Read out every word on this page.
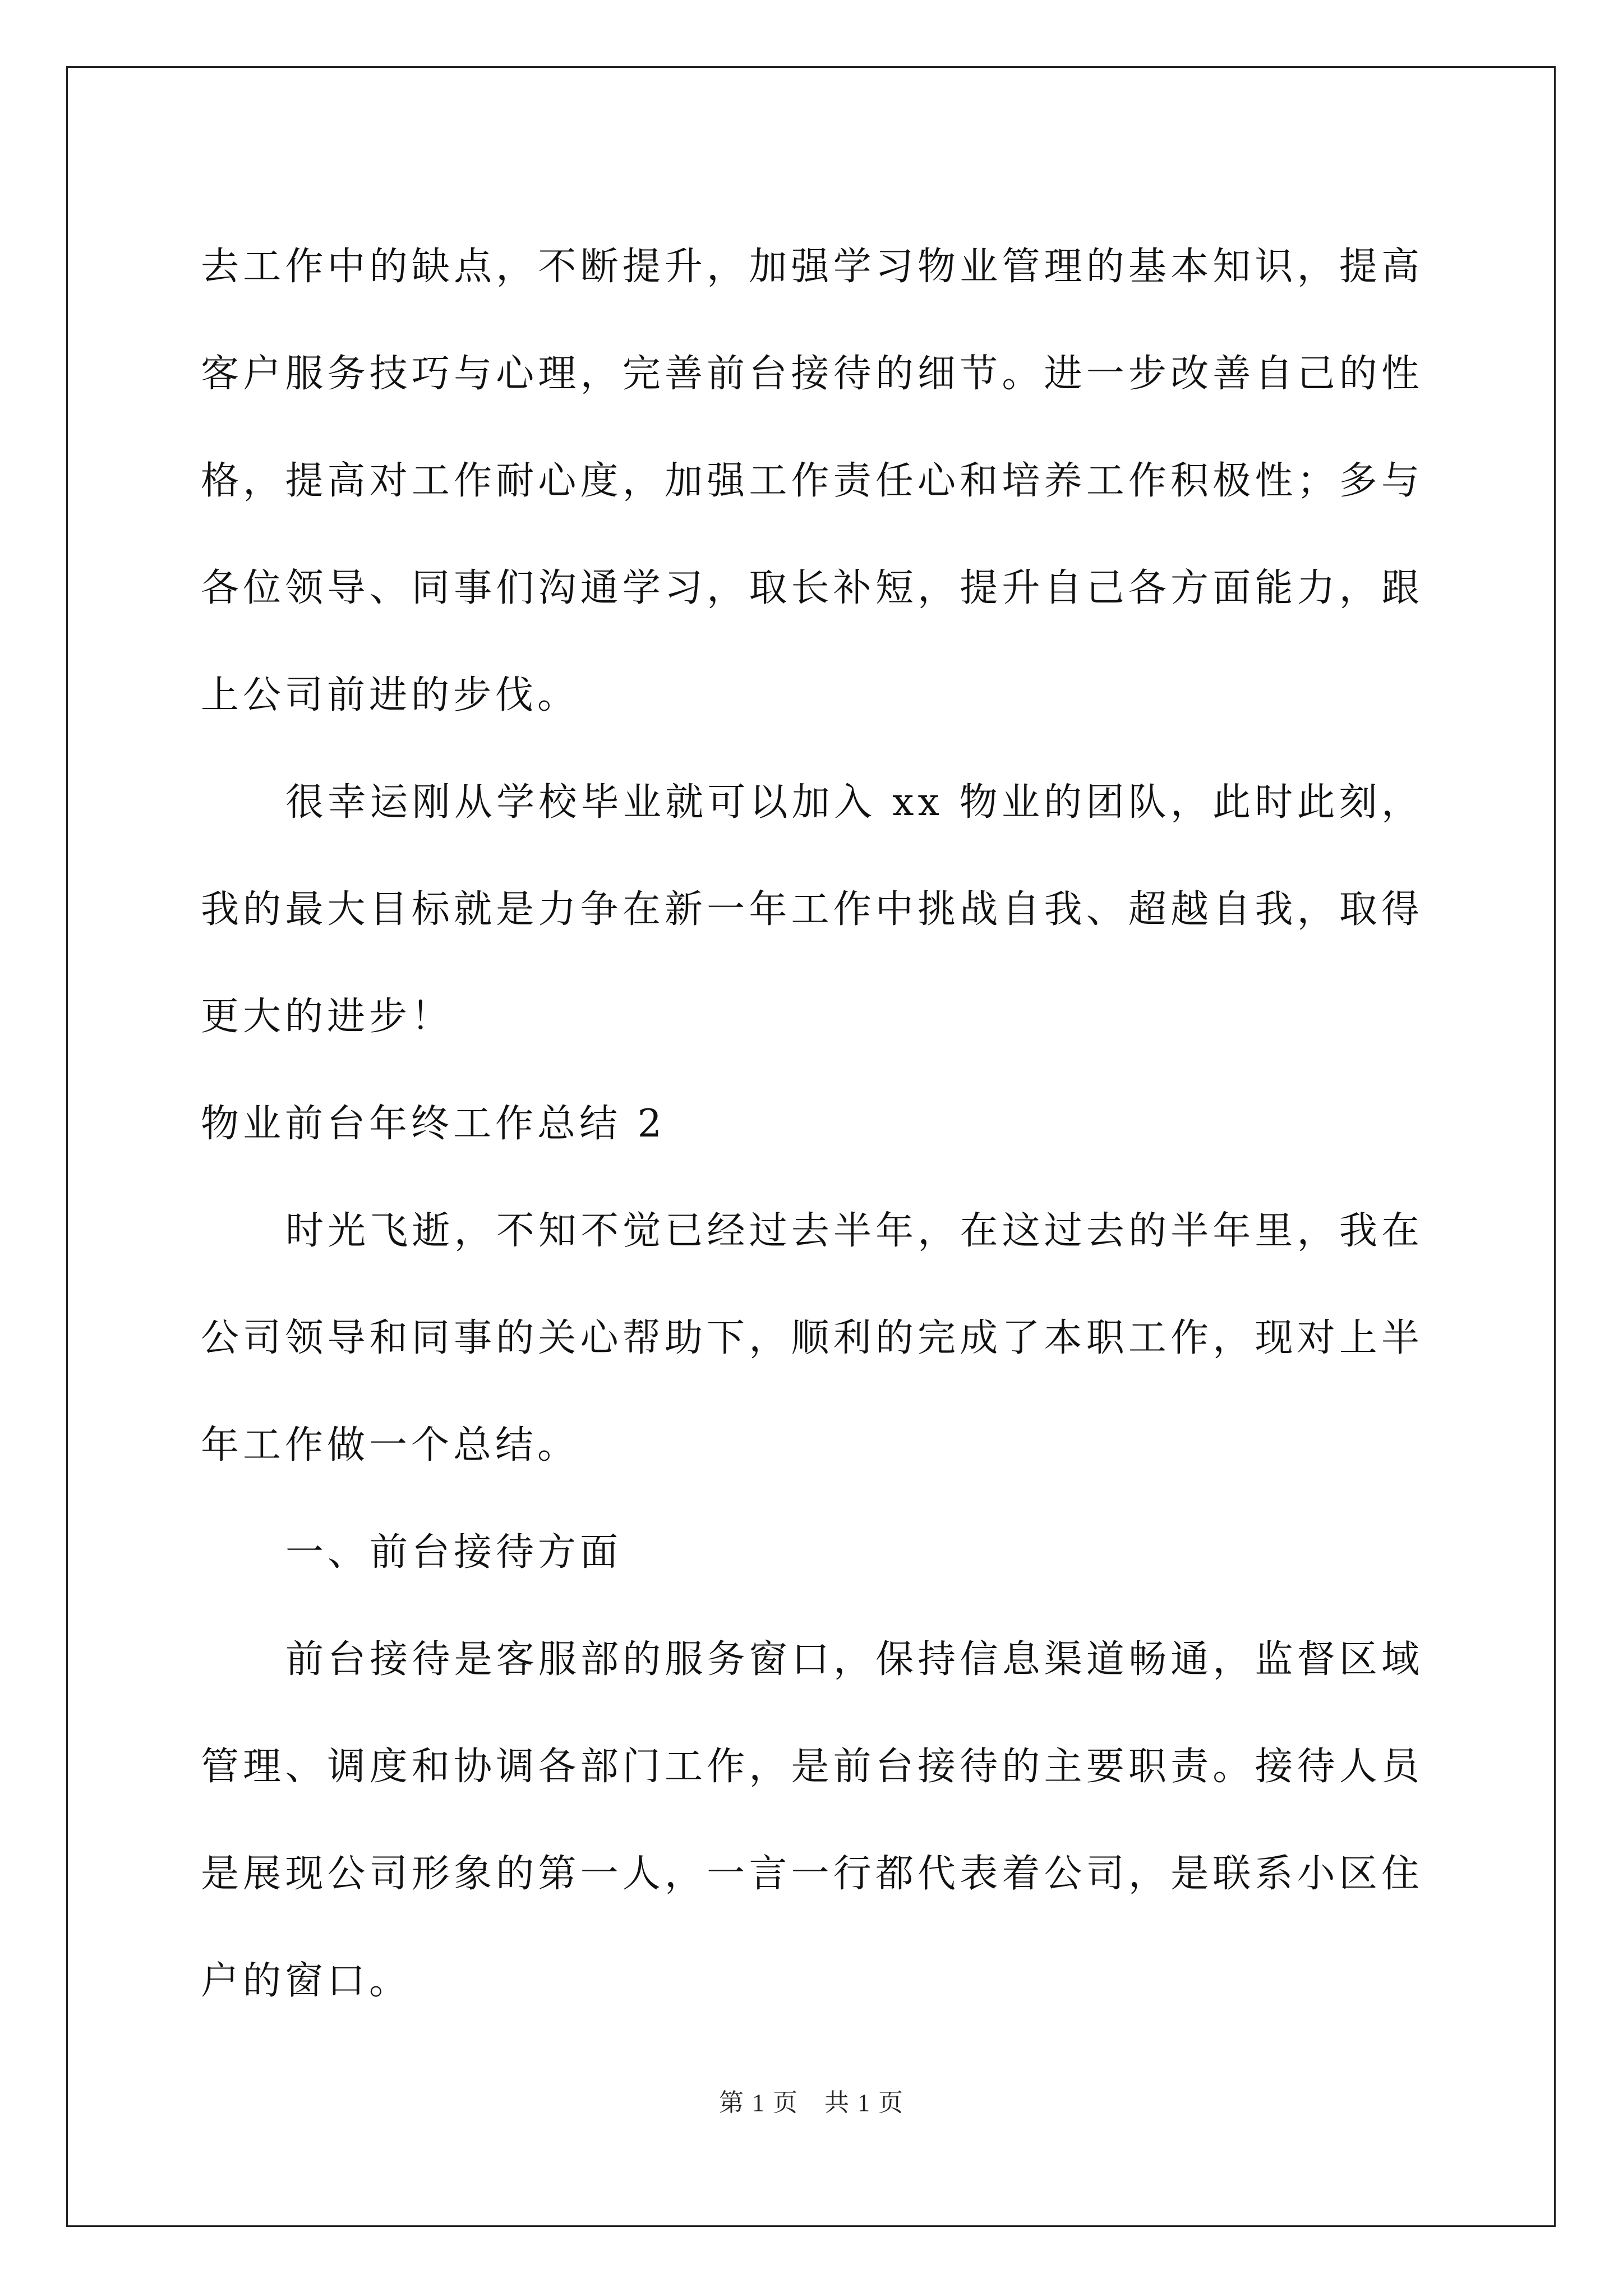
去工作中的缺点，不断提升，加强学习物业管理的基本知识，提高客户服务技巧与心理，完善前台接待的细节。进一步改善自己的性格，提高对工作耐心度，加强工作责任心和培养工作积极性；多与各位领导、同事们沟通学习，取长补短，提升自己各方面能力，跟上公司前进的步伐。

很幸运刚从学校毕业就可以加入 xx 物业的团队，此时此刻，我的最大目标就是力争在新一年工作中挑战自我、超越自我，取得更大的进步！

物业前台年终工作总结 2

时光飞逝，不知不觉已经过去半年，在这过去的半年里，我在公司领导和同事的关心帮助下，顺利的完成了本职工作，现对上半年工作做一个总结。

一、前台接待方面

前台接待是客服部的服务窗口，保持信息渠道畅通，监督区域管理、调度和协调各部门工作，是前台接待的主要职责。接待人员是展现公司形象的第一人，一言一行都代表着公司，是联系小区住户的窗口。

第 1 页　共 1 页
